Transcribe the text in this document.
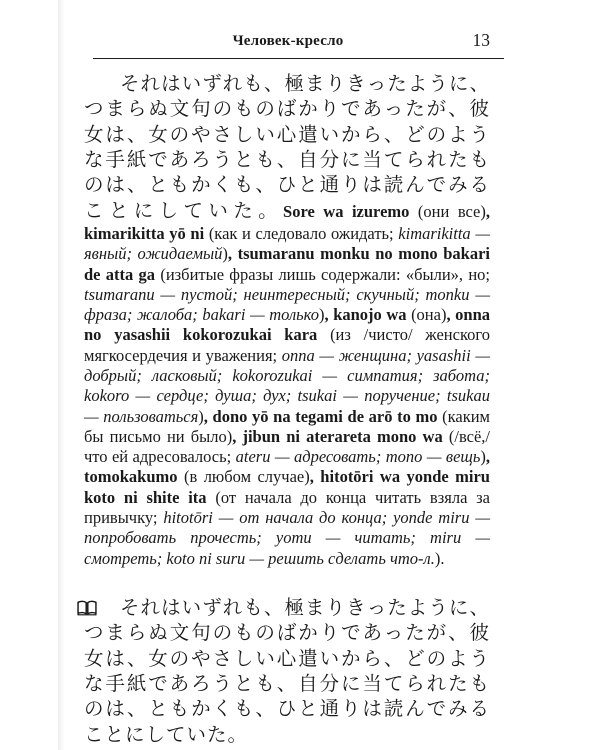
Человек-кресло	13

それはいずれも、極まりきったように、つまらぬ文句のものばかりであったが、彼女は、女のやさしい心遣いから、どのような手紙であろうとも、自分に当てられたものは、ともかくも、ひと通りは読んでみることにしていた。Sore wa izuremo (они все), kimarikitta yō ni (как и следовало ожидать; kimarikitta — явный; ожидаемый), tsumaranu monku no mono bakari de atta ga (избитые фразы лишь содержали: «были», но; tsumaranu — пустой; неинтересный; скучный; monku — фраза; жалоба; bakari — только), kanojo wa (она), onna no yasashii kokorozukai kara (из /чисто/ женского мягкосердечия и уважения; onna — женщина; yasashii — добрый; ласковый; kokorozukai — симпатия; забота; kokoro — сердце; душа; дух; tsukai — поручение; tsukau — пользоваться), dono yō na tegami de arō to mo (каким бы письмо ни было), jibun ni aterareta mono wa (/всё,/ что ей адресовалось; ateru — адресовать; mono — вещь), tomokakumo (в любом случае), hitotōri wa yonde miru koto ni shite ita (от начала до конца читать взяла за привычку; hitotōri — от начала до конца; yonde miru — попробовать прочесть; yomu — читать; miru — смотреть; koto ni suru — решить сделать что-л.).

それはいずれも、極まりきったように、つまらぬ文句のものばかりであったが、彼女は、女のやさしい心遣いから、どのような手紙であろうとも、自分に当てられたものは、ともかくも、ひと通りは読んでみることにしていた。
